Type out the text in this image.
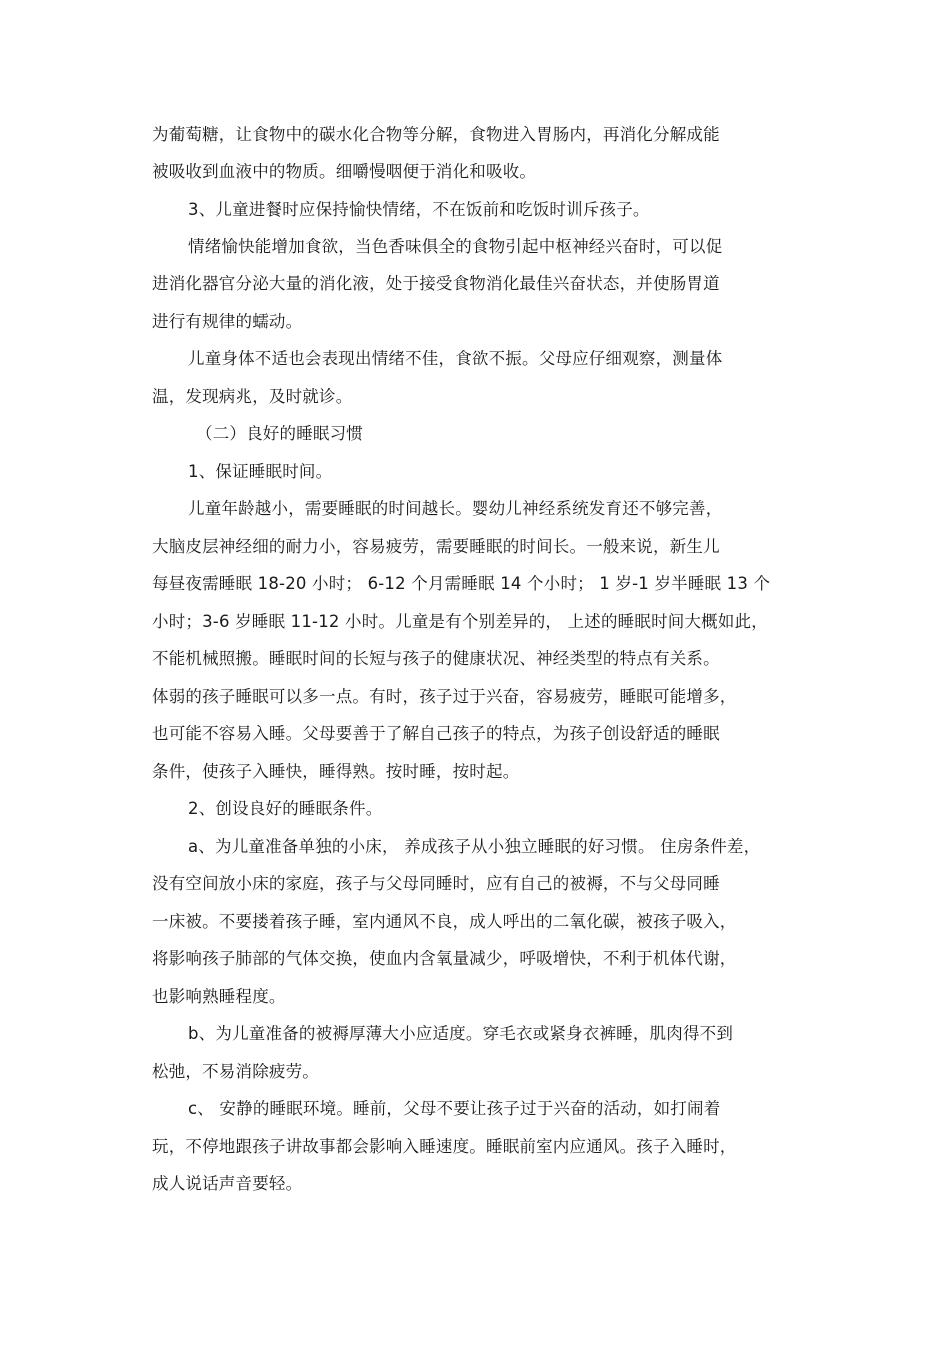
为葡萄糖，让食物中的碳水化合物等分解，食物进入胃肠内，再消化分解成能
被吸收到血液中的物质。细嚼慢咽便于消化和吸收。
3、儿童进餐时应保持愉快情绪，不在饭前和吃饭时训斥孩子。
情绪愉快能增加食欲，当色香味俱全的食物引起中枢神经兴奋时，可以促
进消化器官分泌大量的消化液，处于接受食物消化最佳兴奋状态，并使肠胃道
进行有规律的蠕动。
儿童身体不适也会表现出情绪不佳，食欲不振。父母应仔细观察，测量体
温，发现病兆，及时就诊。
（二）良好的睡眠习惯
1、保证睡眠时间。
儿童年龄越小，需要睡眠的时间越长。婴幼儿神经系统发育还不够完善，
大脑皮层神经细的耐力小，容易疲劳，需要睡眠的时间长。一般来说，新生儿
每昼夜需睡眠 18-20 小时； 6-12 个月需睡眠 14 个小时； 1 岁-1 岁半睡眠 13 个
小时；3-6 岁睡眠 11-12 小时。儿童是有个别差异的， 上述的睡眠时间大概如此，
不能机械照搬。睡眠时间的长短与孩子的健康状况、神经类型的特点有关系。
体弱的孩子睡眠可以多一点。有时，孩子过于兴奋，容易疲劳，睡眠可能增多，
也可能不容易入睡。父母要善于了解自己孩子的特点，为孩子创设舒适的睡眠
条件，使孩子入睡快，睡得熟。按时睡，按时起。
2、创设良好的睡眠条件。
a、为儿童准备单独的小床， 养成孩子从小独立睡眠的好习惯。 住房条件差，
没有空间放小床的家庭，孩子与父母同睡时，应有自己的被褥，不与父母同睡
一床被。不要搂着孩子睡，室内通风不良，成人呼出的二氧化碳，被孩子吸入，
将影响孩子肺部的气体交换，使血内含氧量减少，呼吸增快，不利于机体代谢，
也影响熟睡程度。
b、为儿童准备的被褥厚薄大小应适度。穿毛衣或紧身衣裤睡，肌肉得不到
松弛，不易消除疲劳。
c、 安静的睡眠环境。睡前，父母不要让孩子过于兴奋的活动，如打闹着
玩，不停地跟孩子讲故事都会影响入睡速度。睡眠前室内应通风。孩子入睡时，
成人说话声音要轻。
